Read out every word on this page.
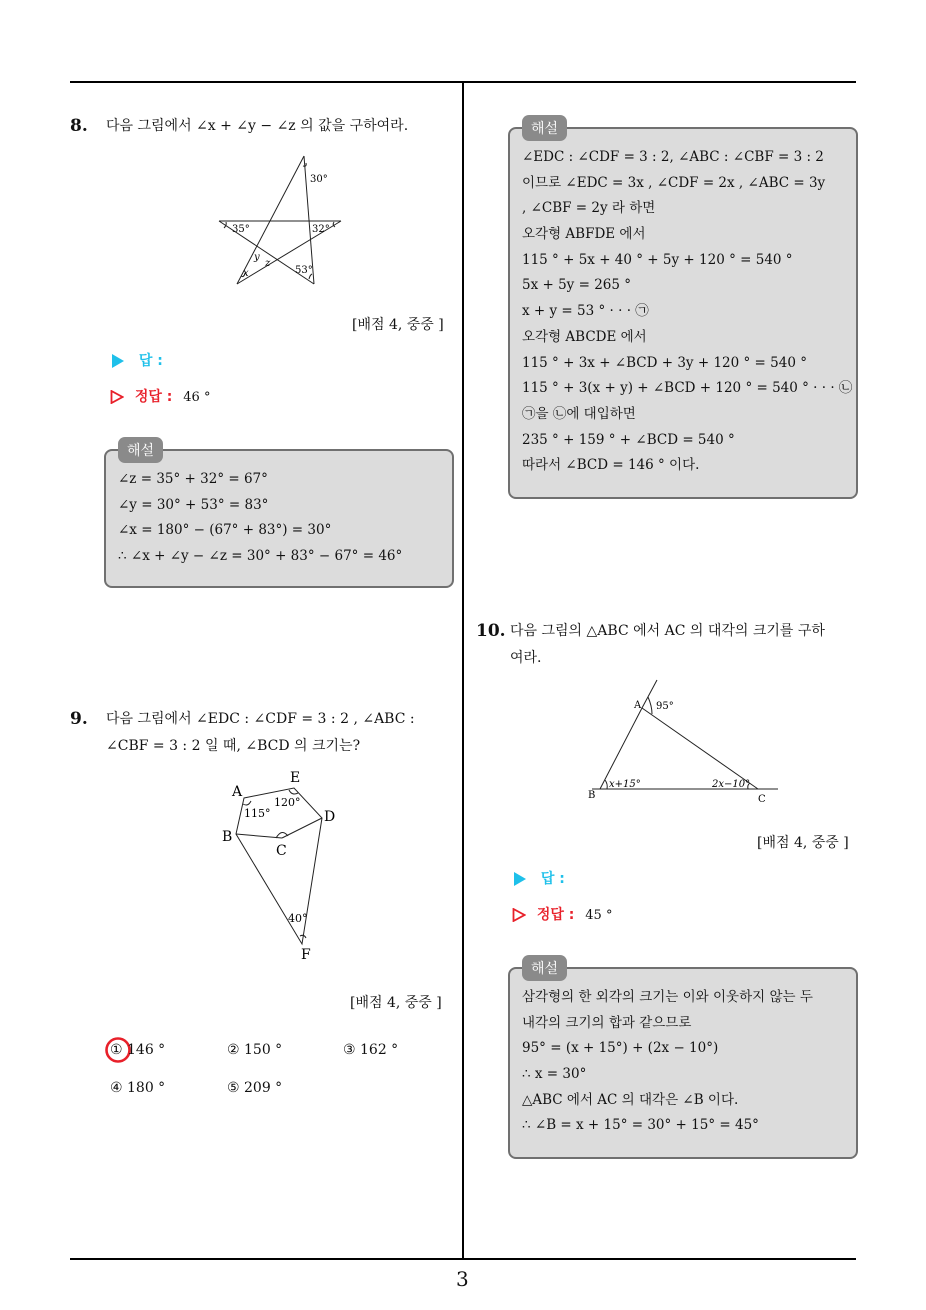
8. 다음 그림에서 ∠x + ∠y − ∠z 의 값을 구하여라.
30°
35°	32°
y
z
x	53°
[배점 4, 중중 ]
답 :
정답 : 46 °
해설
∠z = 35° + 32° = 67°
∠y = 30° + 53° = 83°
∠x = 180° − (67° + 83°) = 30°
∴ ∠x + ∠y − ∠z = 30° + 83° − 67° = 46°
9. 다음 그림에서 ∠EDC : ∠CDF = 3 : 2 , ∠ABC :
∠CBF = 3 : 2 일 때, ∠BCD 의 크기는?
A
E
115°
120°
D
B
C
40°
F
[배점 4, 중중 ]
① 146 °	② 150 °	③ 162 °
④ 180 °	⑤ 209 °
해설
∠EDC : ∠CDF = 3 : 2, ∠ABC : ∠CBF = 3 : 2
이므로 ∠EDC = 3x , ∠CDF = 2x , ∠ABC = 3y
, ∠CBF = 2y 라 하면
오각형 ABFDE 에서
115 ° + 5x + 40 ° + 5y + 120 ° = 540 °
5x + 5y = 265 °
x + y = 53 ° · · · ㉠
오각형 ABCDE 에서
115 ° + 3x + ∠BCD + 3y + 120 ° = 540 °
115 ° + 3(x + y) + ∠BCD + 120 ° = 540 ° · · · ㉡
㉠을 ㉡에 대입하면
235 ° + 159 ° + ∠BCD = 540 °
따라서 ∠BCD = 146 ° 이다.
10. 다음 그림의 △ABC 에서 AC 의 대각의 크기를 구하
여라.
A 95°
B
x+15°	2x−10°
C
[배점 4, 중중 ]
답 :
정답 : 45 °
해설
삼각형의 한 외각의 크기는 이와 이웃하지 않는 두
내각의 크기의 합과 같으므로
95° = (x + 15°) + (2x − 10°)
∴ x = 30°
△ABC 에서 AC 의 대각은 ∠B 이다.
∴ ∠B = x + 15° = 30° + 15° = 45°
3
